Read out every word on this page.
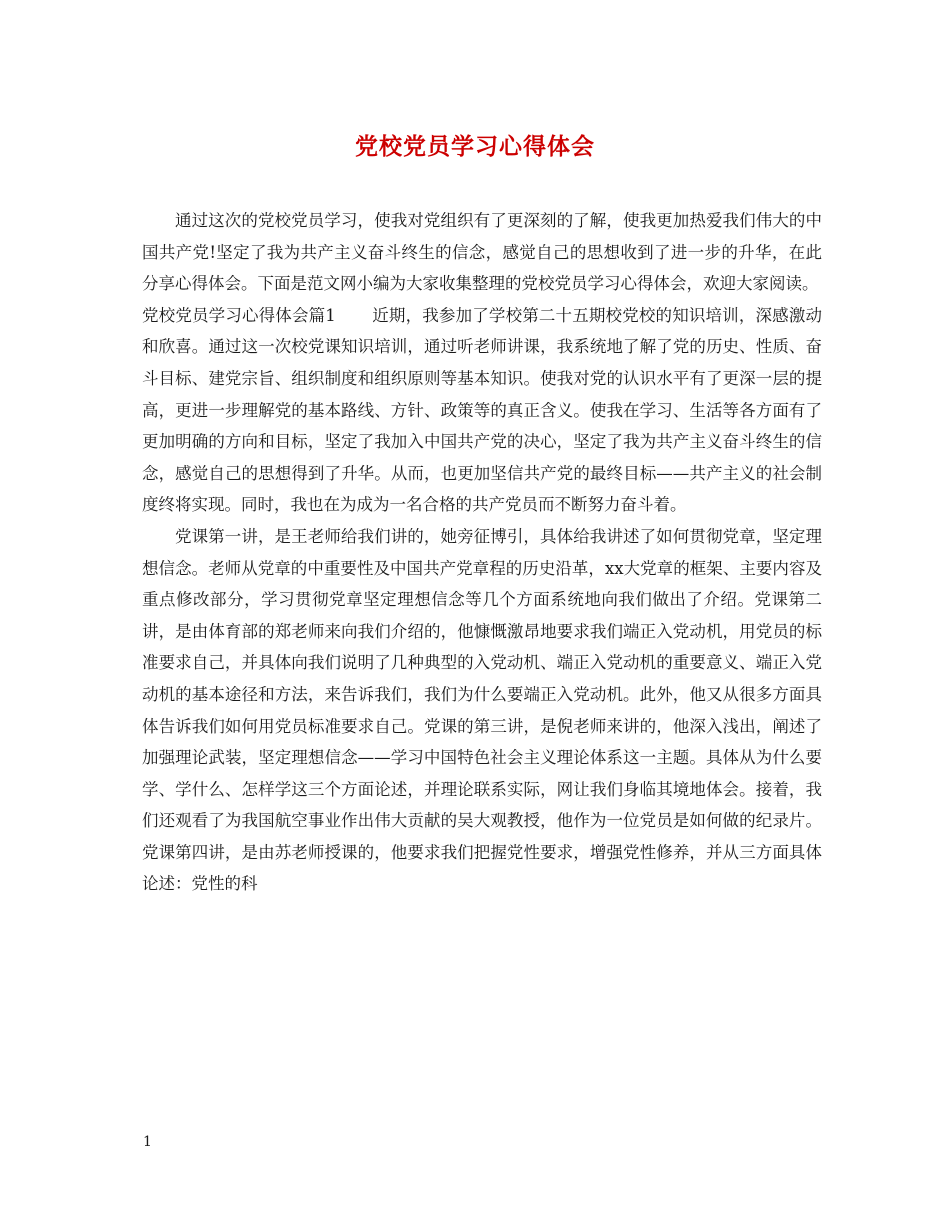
党校党员学习心得体会

通过这次的党校党员学习，使我对党组织有了更深刻的了解，使我更加热爱我们伟大的中国共产党!坚定了我为共产主义奋斗终生的信念，感觉自己的思想收到了进一步的升华，在此分享心得体会。下面是范文网小编为大家收集整理的党校党员学习心得体会，欢迎大家阅读。

党校党员学习心得体会篇1 近期，我参加了学校第二十五期校党校的知识培训，深感激动和欣喜。通过这一次校党课知识培训，通过听老师讲课，我系统地了解了党的历史、性质、奋斗目标、建党宗旨、组织制度和组织原则等基本知识。使我对党的认识水平有了更深一层的提高，更进一步理解党的基本路线、方针、政策等的真正含义。使我在学习、生活等各方面有了更加明确的方向和目标，坚定了我加入中国共产党的决心，坚定了我为共产主义奋斗终生的信念，感觉自己的思想得到了升华。从而，也更加坚信共产党的最终目标——共产主义的社会制度终将实现。同时，我也在为成为一名合格的共产党员而不断努力奋斗着。

党课第一讲，是王老师给我们讲的，她旁征博引，具体给我讲述了如何贯彻党章，坚定理想信念。老师从党章的中重要性及中国共产党章程的历史沿革，xx大党章的框架、主要内容及重点修改部分，学习贯彻党章坚定理想信念等几个方面系统地向我们做出了介绍。党课第二讲，是由体育部的郑老师来向我们介绍的，他慷慨激昂地要求我们端正入党动机，用党员的标准要求自己，并具体向我们说明了几种典型的入党动机、端正入党动机的重要意义、端正入党动机的基本途径和方法，来告诉我们，我们为什么要端正入党动机。此外，他又从很多方面具体告诉我们如何用党员标准要求自己。党课的第三讲，是倪老师来讲的，他深入浅出，阐述了加强理论武装，坚定理想信念——学习中国特色社会主义理论体系这一主题。具体从为什么要学、学什么、怎样学这三个方面论述，并理论联系实际，网让我们身临其境地体会。接着，我们还观看了为我国航空事业作出伟大贡献的吴大观教授，他作为一位党员是如何做的纪录片。党课第四讲，是由苏老师授课的，他要求我们把握党性要求，增强党性修养，并从三方面具体论述：党性的科

1
